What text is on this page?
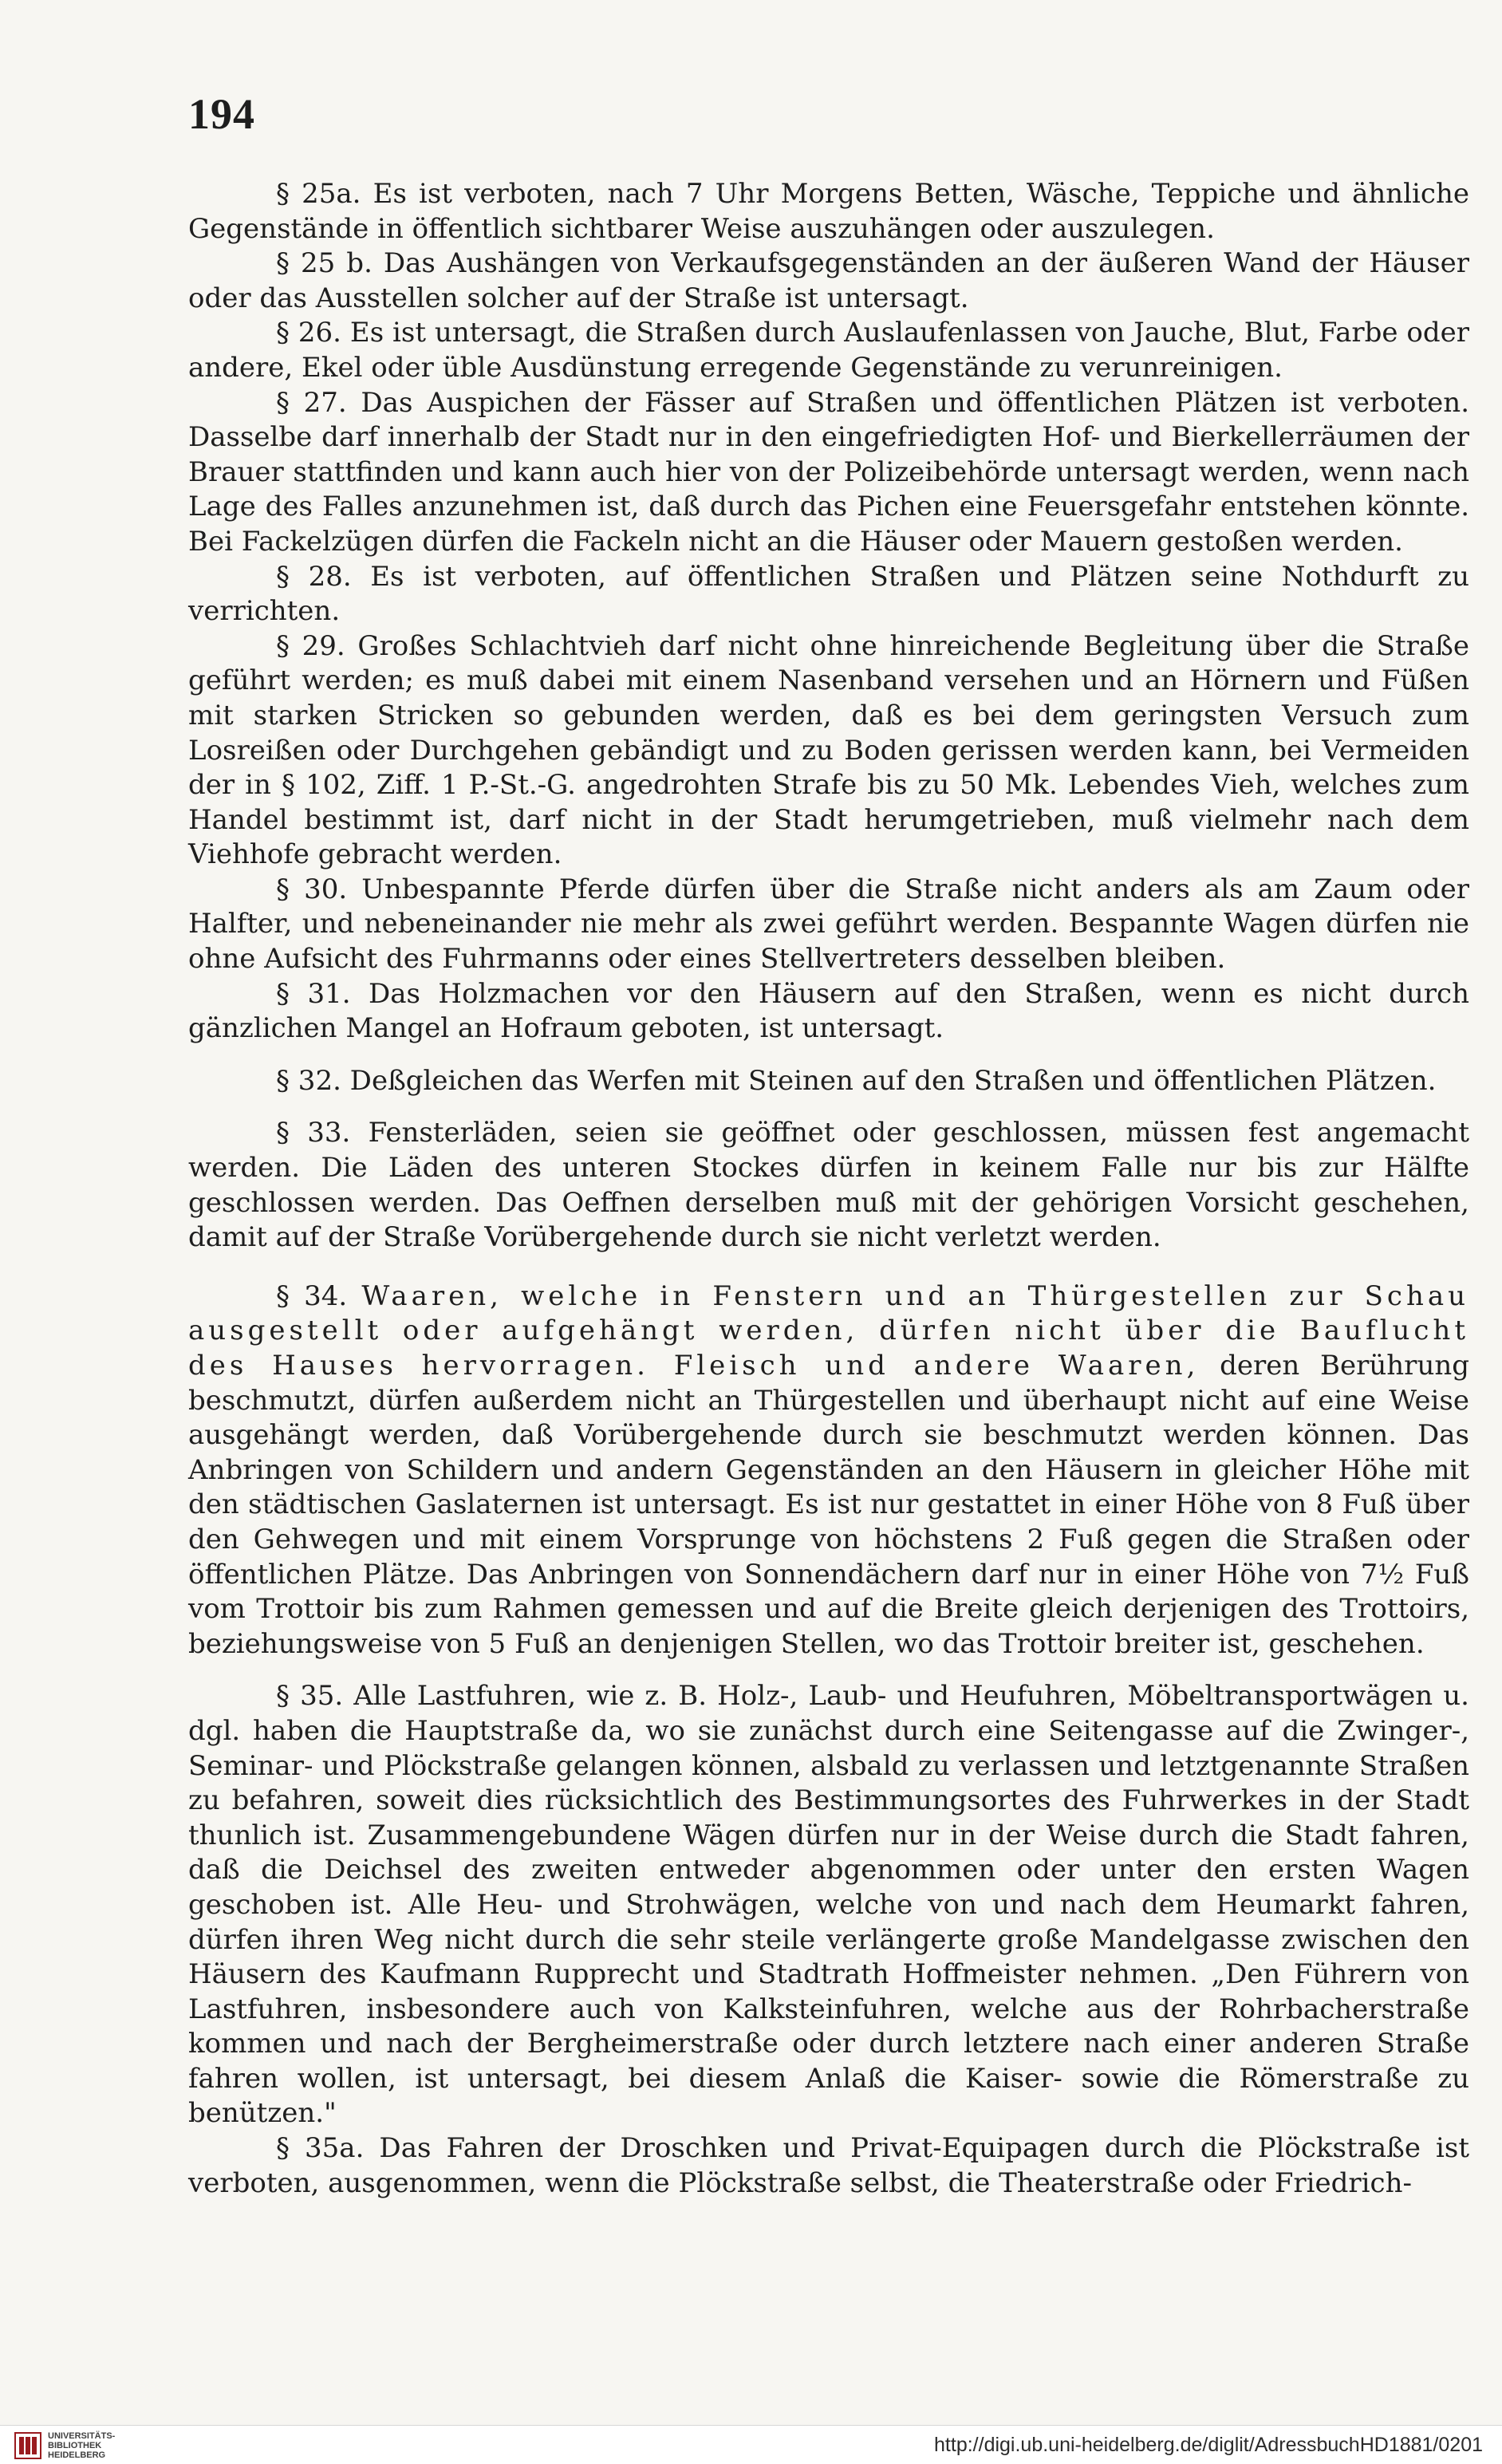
194

§ 25a. Es ist verboten, nach 7 Uhr Morgens Betten, Wäsche, Teppiche und ähnliche Gegenstände in öffentlich sichtbarer Weise auszuhängen oder auszulegen.

§ 25 b. Das Aushängen von Verkaufsgegenständen an der äußeren Wand der Häuser oder das Ausstellen solcher auf der Straße ist untersagt.

§ 26. Es ist untersagt, die Straßen durch Auslaufenlassen von Jauche, Blut, Farbe oder andere, Ekel oder üble Ausdünstung erregende Gegenstände zu verunreinigen.

§ 27. Das Auspichen der Fässer auf Straßen und öffentlichen Plätzen ist verboten. Dasselbe darf innerhalb der Stadt nur in den eingefriedigten Hof- und Bierkellerräumen der Brauer stattfinden und kann auch hier von der Polizeibehörde untersagt werden, wenn nach Lage des Falles anzunehmen ist, daß durch das Pichen eine Feuersgefahr entstehen könnte. Bei Fackelzügen dürfen die Fackeln nicht an die Häuser oder Mauern gestoßen werden.

§ 28. Es ist verboten, auf öffentlichen Straßen und Plätzen seine Nothdurft zu verrichten.

§ 29. Großes Schlachtvieh darf nicht ohne hinreichende Begleitung über die Straße geführt werden; es muß dabei mit einem Nasenband versehen und an Hörnern und Füßen mit starken Stricken so gebunden werden, daß es bei dem geringsten Versuch zum Losreißen oder Durchgehen gebändigt und zu Boden gerissen werden kann, bei Vermeiden der in § 102, Ziff. 1 P.-St.-G. angedrohten Strafe bis zu 50 Mk. Lebendes Vieh, welches zum Handel bestimmt ist, darf nicht in der Stadt herumgetrieben, muß vielmehr nach dem Viehhofe gebracht werden.

§ 30. Unbespannte Pferde dürfen über die Straße nicht anders als am Zaum oder Halfter, und nebeneinander nie mehr als zwei geführt werden. Bespannte Wagen dürfen nie ohne Aufsicht des Fuhrmanns oder eines Stellvertreters desselben bleiben.

§ 31. Das Holzmachen vor den Häusern auf den Straßen, wenn es nicht durch gänzlichen Mangel an Hofraum geboten, ist untersagt.

§ 32. Deßgleichen das Werfen mit Steinen auf den Straßen und öffentlichen Plätzen.

§ 33. Fensterläden, seien sie geöffnet oder geschlossen, müssen fest angemacht werden. Die Läden des unteren Stockes dürfen in keinem Falle nur bis zur Hälfte geschlossen werden. Das Oeffnen derselben muß mit der gehörigen Vorsicht geschehen, damit auf der Straße Vorübergehende durch sie nicht verletzt werden.

§ 34. Waaren, welche in Fenstern und an Thürgestellen zur Schau ausgestellt oder aufgehängt werden, dürfen nicht über die Bauflucht des Hauses hervorragen. Fleisch und andere Waaren, deren Berührung beschmutzt, dürfen außerdem nicht an Thürgestellen und überhaupt nicht auf eine Weise ausgehängt werden, daß Vorübergehende durch sie beschmutzt werden können. Das Anbringen von Schildern und andern Gegenständen an den Häusern in gleicher Höhe mit den städtischen Gaslaternen ist untersagt. Es ist nur gestattet in einer Höhe von 8 Fuß über den Gehwegen und mit einem Vorsprunge von höchstens 2 Fuß gegen die Straßen oder öffentlichen Plätze. Das Anbringen von Sonnendächern darf nur in einer Höhe von 7½ Fuß vom Trottoir bis zum Rahmen gemessen und auf die Breite gleich derjenigen des Trottoirs, beziehungsweise von 5 Fuß an denjenigen Stellen, wo das Trottoir breiter ist, geschehen.

§ 35. Alle Lastfuhren, wie z. B. Holz-, Laub- und Heufuhren, Möbeltransportwägen u. dgl. haben die Hauptstraße da, wo sie zunächst durch eine Seitengasse auf die Zwinger-, Seminar- und Plöckstraße gelangen können, alsbald zu verlassen und letztgenannte Straßen zu befahren, soweit dies rücksichtlich des Bestimmungsortes des Fuhrwerkes in der Stadt thunlich ist. Zusammengebundene Wägen dürfen nur in der Weise durch die Stadt fahren, daß die Deichsel des zweiten entweder abgenommen oder unter den ersten Wagen geschoben ist. Alle Heu- und Strohwägen, welche von und nach dem Heumarkt fahren, dürfen ihren Weg nicht durch die sehr steile verlängerte große Mandelgasse zwischen den Häusern des Kaufmann Rupprecht und Stadtrath Hoffmeister nehmen. „Den Führern von Lastfuhren, insbesondere auch von Kalksteinfuhren, welche aus der Rohrbacherstraße kommen und nach der Bergheimerstraße oder durch letztere nach einer anderen Straße fahren wollen, ist untersagt, bei diesem Anlaß die Kaiser- sowie die Römerstraße zu benützen."

§ 35a. Das Fahren der Droschken und Privat-Equipagen durch die Plöckstraße ist verboten, ausgenommen, wenn die Plöckstraße selbst, die Theaterstraße oder Friedrich-

UNIVERSITÄTS-
BIBLIOTHEK
HEIDELBERG	http://digi.ub.uni-heidelberg.de/diglit/AdressbuchHD1881/0201
